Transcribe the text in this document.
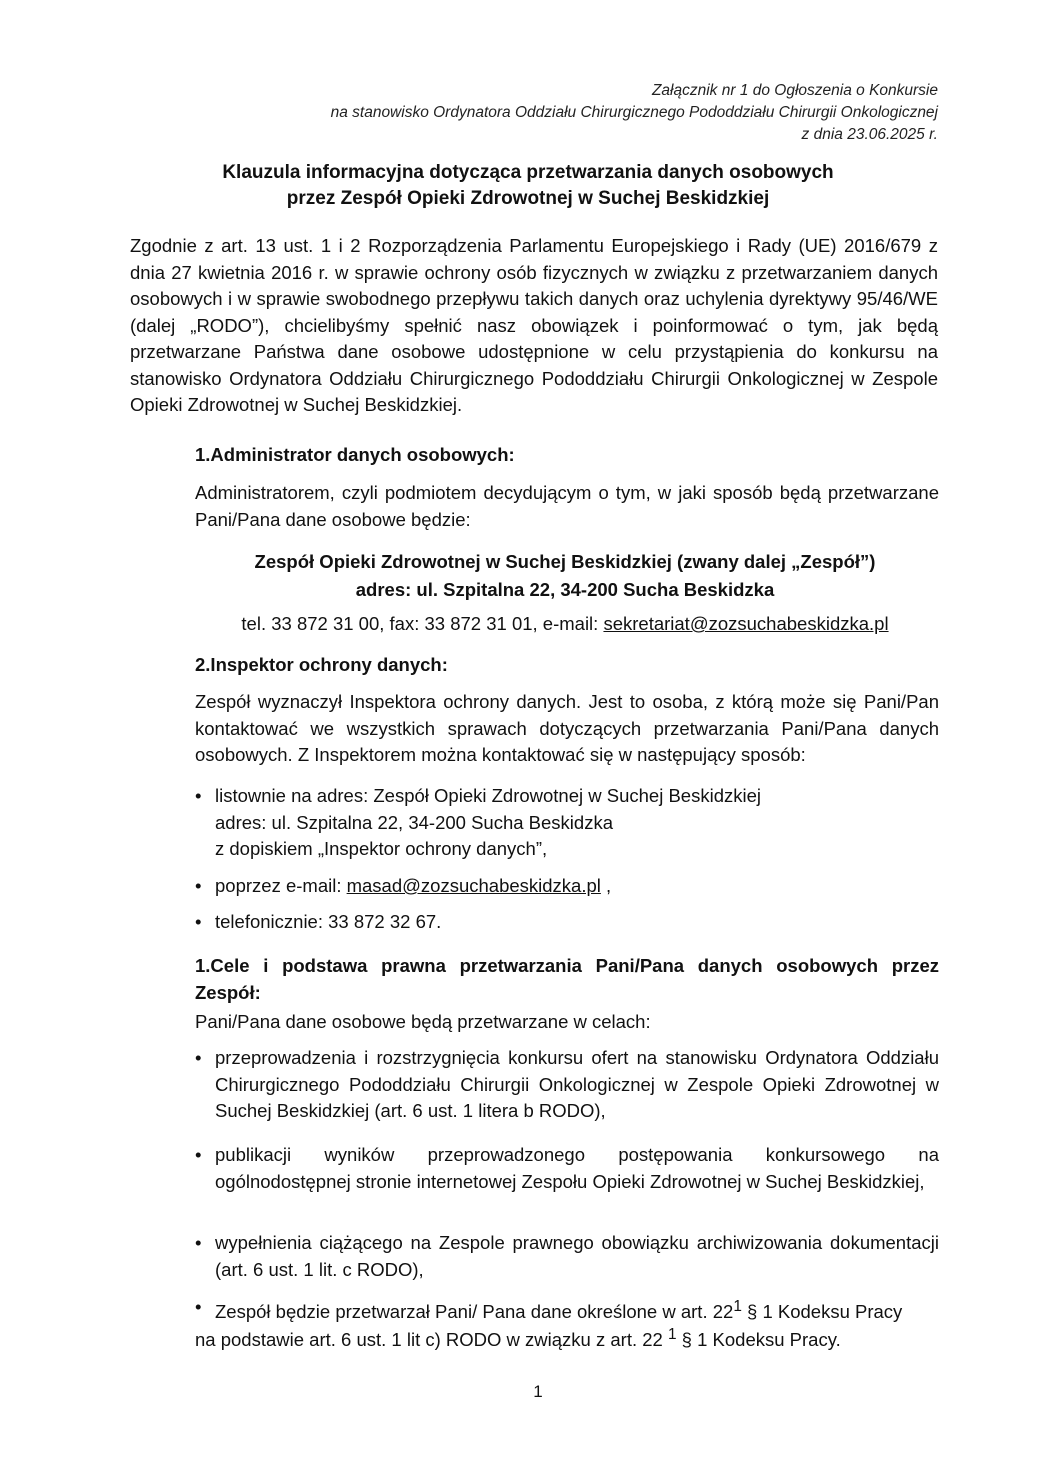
Załącznik nr 1 do Ogłoszenia o Konkursie
na stanowisko Ordynatora Oddziału Chirurgicznego Pododdziału Chirurgii Onkologicznej
z dnia 23.06.2025 r.
Klauzula informacyjna dotycząca przetwarzania danych osobowych
przez Zespół Opieki Zdrowotnej w Suchej Beskidzkiej
Zgodnie z art. 13 ust. 1 i 2 Rozporządzenia Parlamentu Europejskiego i Rady (UE) 2016/679 z dnia 27 kwietnia 2016 r. w sprawie ochrony osób fizycznych w związku z przetwarzaniem danych osobowych i w sprawie swobodnego przepływu takich danych oraz uchylenia dyrektywy 95/46/WE (dalej „RODO”), chcielibyśmy spełnić nasz obowiązek i poinformować o tym, jak będą przetwarzane Państwa dane osobowe udostępnione w celu przystąpienia do konkursu na stanowisko Ordynatora Oddziału Chirurgicznego Pododdziału Chirurgii Onkologicznej w Zespole Opieki Zdrowotnej w Suchej Beskidzkiej.
1.Administrator danych osobowych:
Administratorem, czyli podmiotem decydującym o tym, w jaki sposób będą przetwarzane Pani/Pana dane osobowe będzie:
Zespół Opieki Zdrowotnej w Suchej Beskidzkiej (zwany dalej „Zespół”)
adres: ul. Szpitalna 22, 34-200 Sucha Beskidzka
tel. 33 872 31 00, fax: 33 872 31 01, e-mail: sekretariat@zozsuchabeskidzka.pl
2.Inspektor ochrony danych:
Zespół wyznaczył Inspektora ochrony danych. Jest to osoba, z którą może się Pani/Pan kontaktować we wszystkich sprawach dotyczących przetwarzania Pani/Pana danych osobowych. Z Inspektorem można kontaktować się w następujący sposób:
• listownie na adres: Zespół Opieki Zdrowotnej w Suchej Beskidzkiej
adres: ul. Szpitalna 22, 34-200 Sucha Beskidzka
z dopiskiem „Inspektor ochrony danych”,
• poprzez e-mail: masad@zozsuchabeskidzka.pl ,
• telefonicznie: 33 872 32 67.
1.Cele i podstawa prawna przetwarzania Pani/Pana danych osobowych przez Zespół:
Pani/Pana dane osobowe będą przetwarzane w celach:
• przeprowadzenia i rozstrzygnięcia konkursu ofert na stanowisku Ordynatora Oddziału Chirurgicznego Pododdziału Chirurgii Onkologicznej w Zespole Opieki Zdrowotnej w Suchej Beskidzkiej (art. 6 ust. 1 litera b RODO),
• publikacji wyników przeprowadzonego postępowania konkursowego na ogólnodostępnej stronie internetowej Zespołu Opieki Zdrowotnej w Suchej Beskidzkiej,
• wypełnienia ciążącego na Zespole prawnego obowiązku archiwizowania dokumentacji (art. 6 ust. 1 lit. c RODO),
• Zespół będzie przetwarzał Pani/ Pana dane określone w art. $22^1$ § 1 Kodeksu Pracy
na podstawie art. 6 ust. 1 lit c) RODO w związku z art. 22 $^1$ § 1 Kodeksu Pracy.
1
